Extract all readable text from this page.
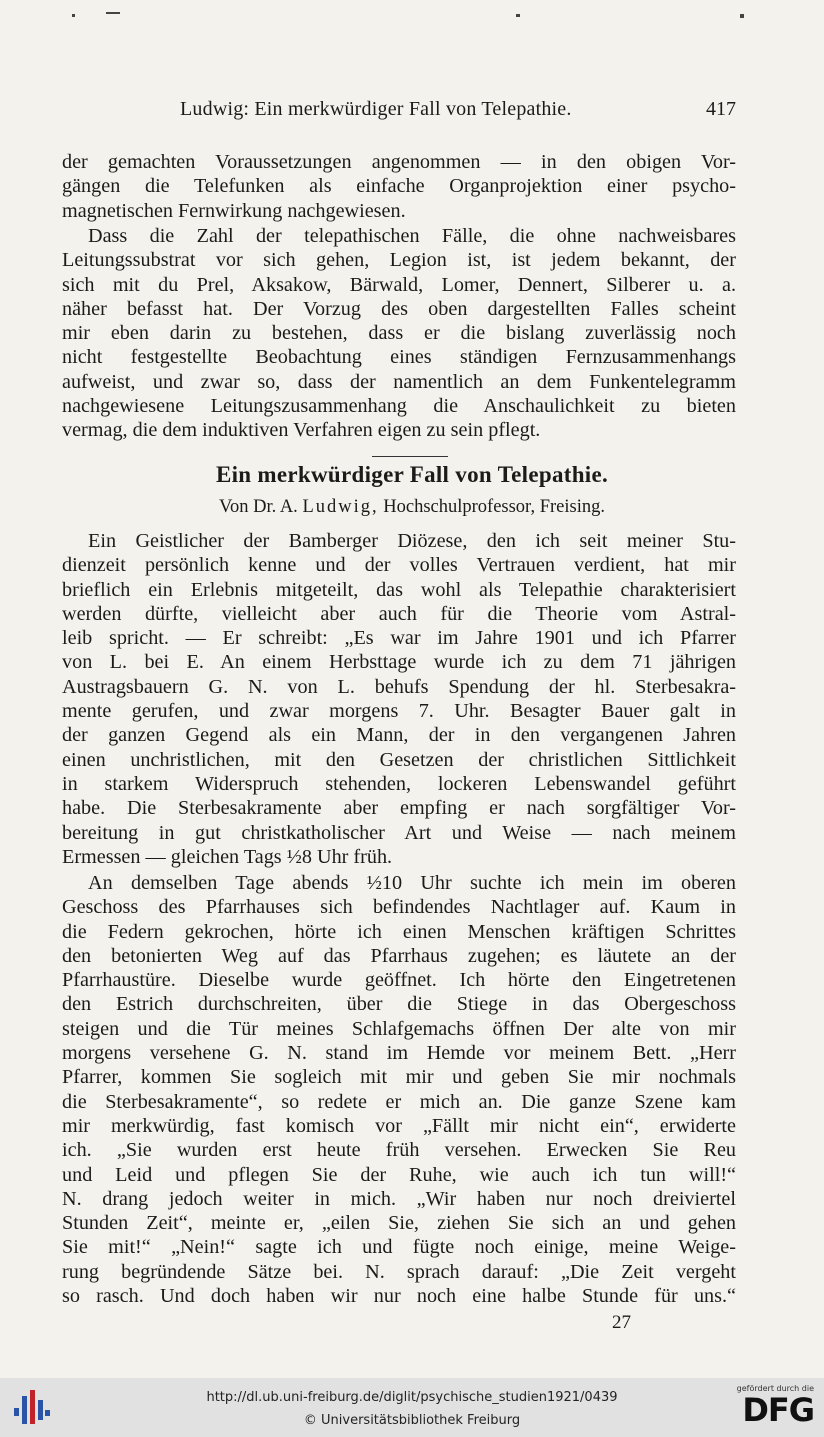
Ludwig: Ein merkwürdiger Fall von Telepathie.	417
der gemachten Voraussetzungen angenommen — in den obigen Vor-
gängen die Telefunken als einfache Organprojektion einer psycho-
magnetischen Fernwirkung nachgewiesen.
Dass die Zahl der telepathischen Fälle, die ohne nachweisbares
Leitungssubstrat vor sich gehen, Legion ist, ist jedem bekannt, der
sich mit du Prel, Aksakow, Bärwald, Lomer, Dennert, Silberer u. a.
näher befasst hat. Der Vorzug des oben dargestellten Falles scheint
mir eben darin zu bestehen, dass er die bislang zuverlässig noch
nicht festgestellte Beobachtung eines ständigen Fernzusammenhangs
aufweist, und zwar so, dass der namentlich an dem Funkentelegramm
nachgewiesene Leitungszusammenhang die Anschaulichkeit zu bieten
vermag, die dem induktiven Verfahren eigen zu sein pflegt.
Ein merkwürdiger Fall von Telepathie.
Von Dr. A. Ludwig, Hochschulprofessor, Freising.
Ein Geistlicher der Bamberger Diözese, den ich seit meiner Stu-
dienzeit persönlich kenne und der volles Vertrauen verdient, hat mir
brieflich ein Erlebnis mitgeteilt, das wohl als Telepathie charakterisiert
werden dürfte, vielleicht aber auch für die Theorie vom Astral-
leib spricht. — Er schreibt: „Es war im Jahre 1901 und ich Pfarrer
von L. bei E. An einem Herbsttage wurde ich zu dem 71 jährigen
Austragsbauern G. N. von L. behufs Spendung der hl. Sterbesakra-
mente gerufen, und zwar morgens 7. Uhr. Besagter Bauer galt in
der ganzen Gegend als ein Mann, der in den vergangenen Jahren
einen unchristlichen, mit den Gesetzen der christlichen Sittlichkeit
in starkem Widerspruch stehenden, lockeren Lebenswandel geführt
habe. Die Sterbesakramente aber empfing er nach sorgfältiger Vor-
bereitung in gut christkatholischer Art und Weise — nach meinem
Ermessen — gleichen Tags ½8 Uhr früh.
An demselben Tage abends ½10 Uhr suchte ich mein im oberen
Geschoss des Pfarrhauses sich befindendes Nachtlager auf. Kaum in
die Federn gekrochen, hörte ich einen Menschen kräftigen Schrittes
den betonierten Weg auf das Pfarrhaus zugehen; es läutete an der
Pfarrhaustüre. Dieselbe wurde geöffnet. Ich hörte den Eingetretenen
den Estrich durchschreiten, über die Stiege in das Obergeschoss
steigen und die Tür meines Schlafgemachs öffnen Der alte von mir
morgens versehene G. N. stand im Hemde vor meinem Bett. „Herr
Pfarrer, kommen Sie sogleich mit mir und geben Sie mir nochmals
die Sterbesakramente“, so redete er mich an. Die ganze Szene kam
mir merkwürdig, fast komisch vor „Fällt mir nicht ein“, erwiderte
ich. „Sie wurden erst heute früh versehen. Erwecken Sie Reu
und Leid und pflegen Sie der Ruhe, wie auch ich tun will!“
N. drang jedoch weiter in mich. „Wir haben nur noch dreiviertel
Stunden Zeit“, meinte er, „eilen Sie, ziehen Sie sich an und gehen
Sie mit!“ „Nein!“ sagte ich und fügte noch einige, meine Weige-
rung begründende Sätze bei. N. sprach darauf: „Die Zeit vergeht
so rasch. Und doch haben wir nur noch eine halbe Stunde für uns.“
27
http://dl.ub.uni-freiburg.de/diglit/psychische_studien1921/0439
© Universitätsbibliothek Freiburg
gefördert durch die
DFG
